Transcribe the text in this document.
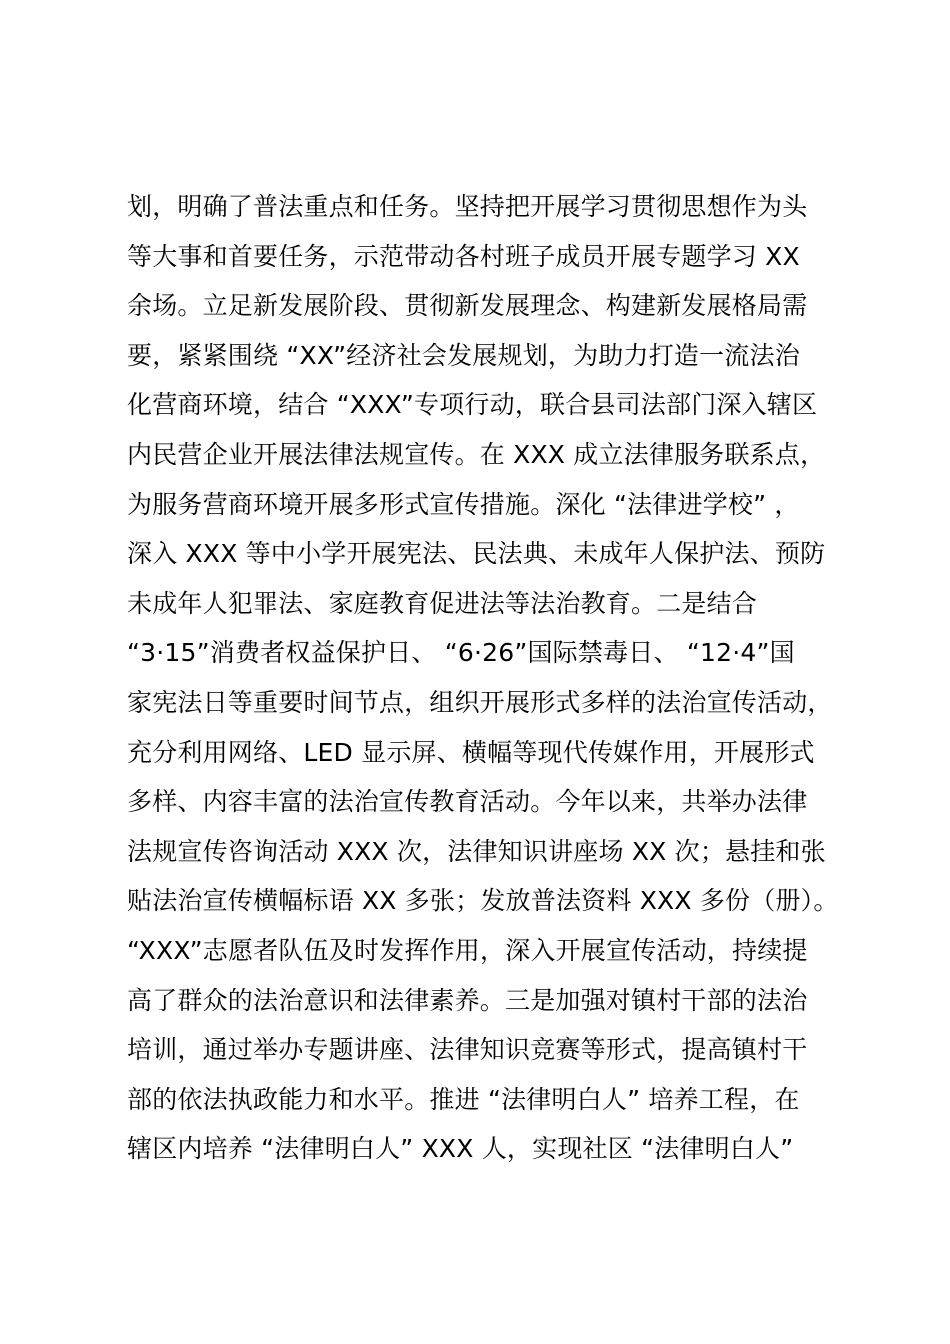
划，明确了普法重点和任务。坚持把开展学习贯彻思想作为头
等大事和首要任务，示范带动各村班子成员开展专题学习 XX
余场。立足新发展阶段、贯彻新发展理念、构建新发展格局需
要，紧紧围绕 “XX”经济社会发展规划，为助力打造一流法治
化营商环境，结合 “XXX”专项行动，联合县司法部门深入辖区
内民营企业开展法律法规宣传。在 XXX 成立法律服务联系点，
为服务营商环境开展多形式宣传措施。深化 “法律进学校” ，
深入 XXX 等中小学开展宪法、民法典、未成年人保护法、预防
未成年人犯罪法、家庭教育促进法等法治教育。二是结合
“3·15”消费者权益保护日、 “6·26”国际禁毒日、 “12·4”国
家宪法日等重要时间节点，组织开展形式多样的法治宣传活动，
充分利用网络、LED 显示屏、横幅等现代传媒作用，开展形式
多样、内容丰富的法治宣传教育活动。今年以来，共举办法律
法规宣传咨询活动 XXX 次，法律知识讲座场 XX 次；悬挂和张
贴法治宣传横幅标语 XX 多张；发放普法资料 XXX 多份（册）。
“XXX”志愿者队伍及时发挥作用，深入开展宣传活动，持续提
高了群众的法治意识和法律素养。三是加强对镇村干部的法治
培训，通过举办专题讲座、法律知识竞赛等形式，提高镇村干
部的依法执政能力和水平。推进 “法律明白人” 培养工程，在
辖区内培养 “法律明白人” XXX 人，实现社区 “法律明白人”
